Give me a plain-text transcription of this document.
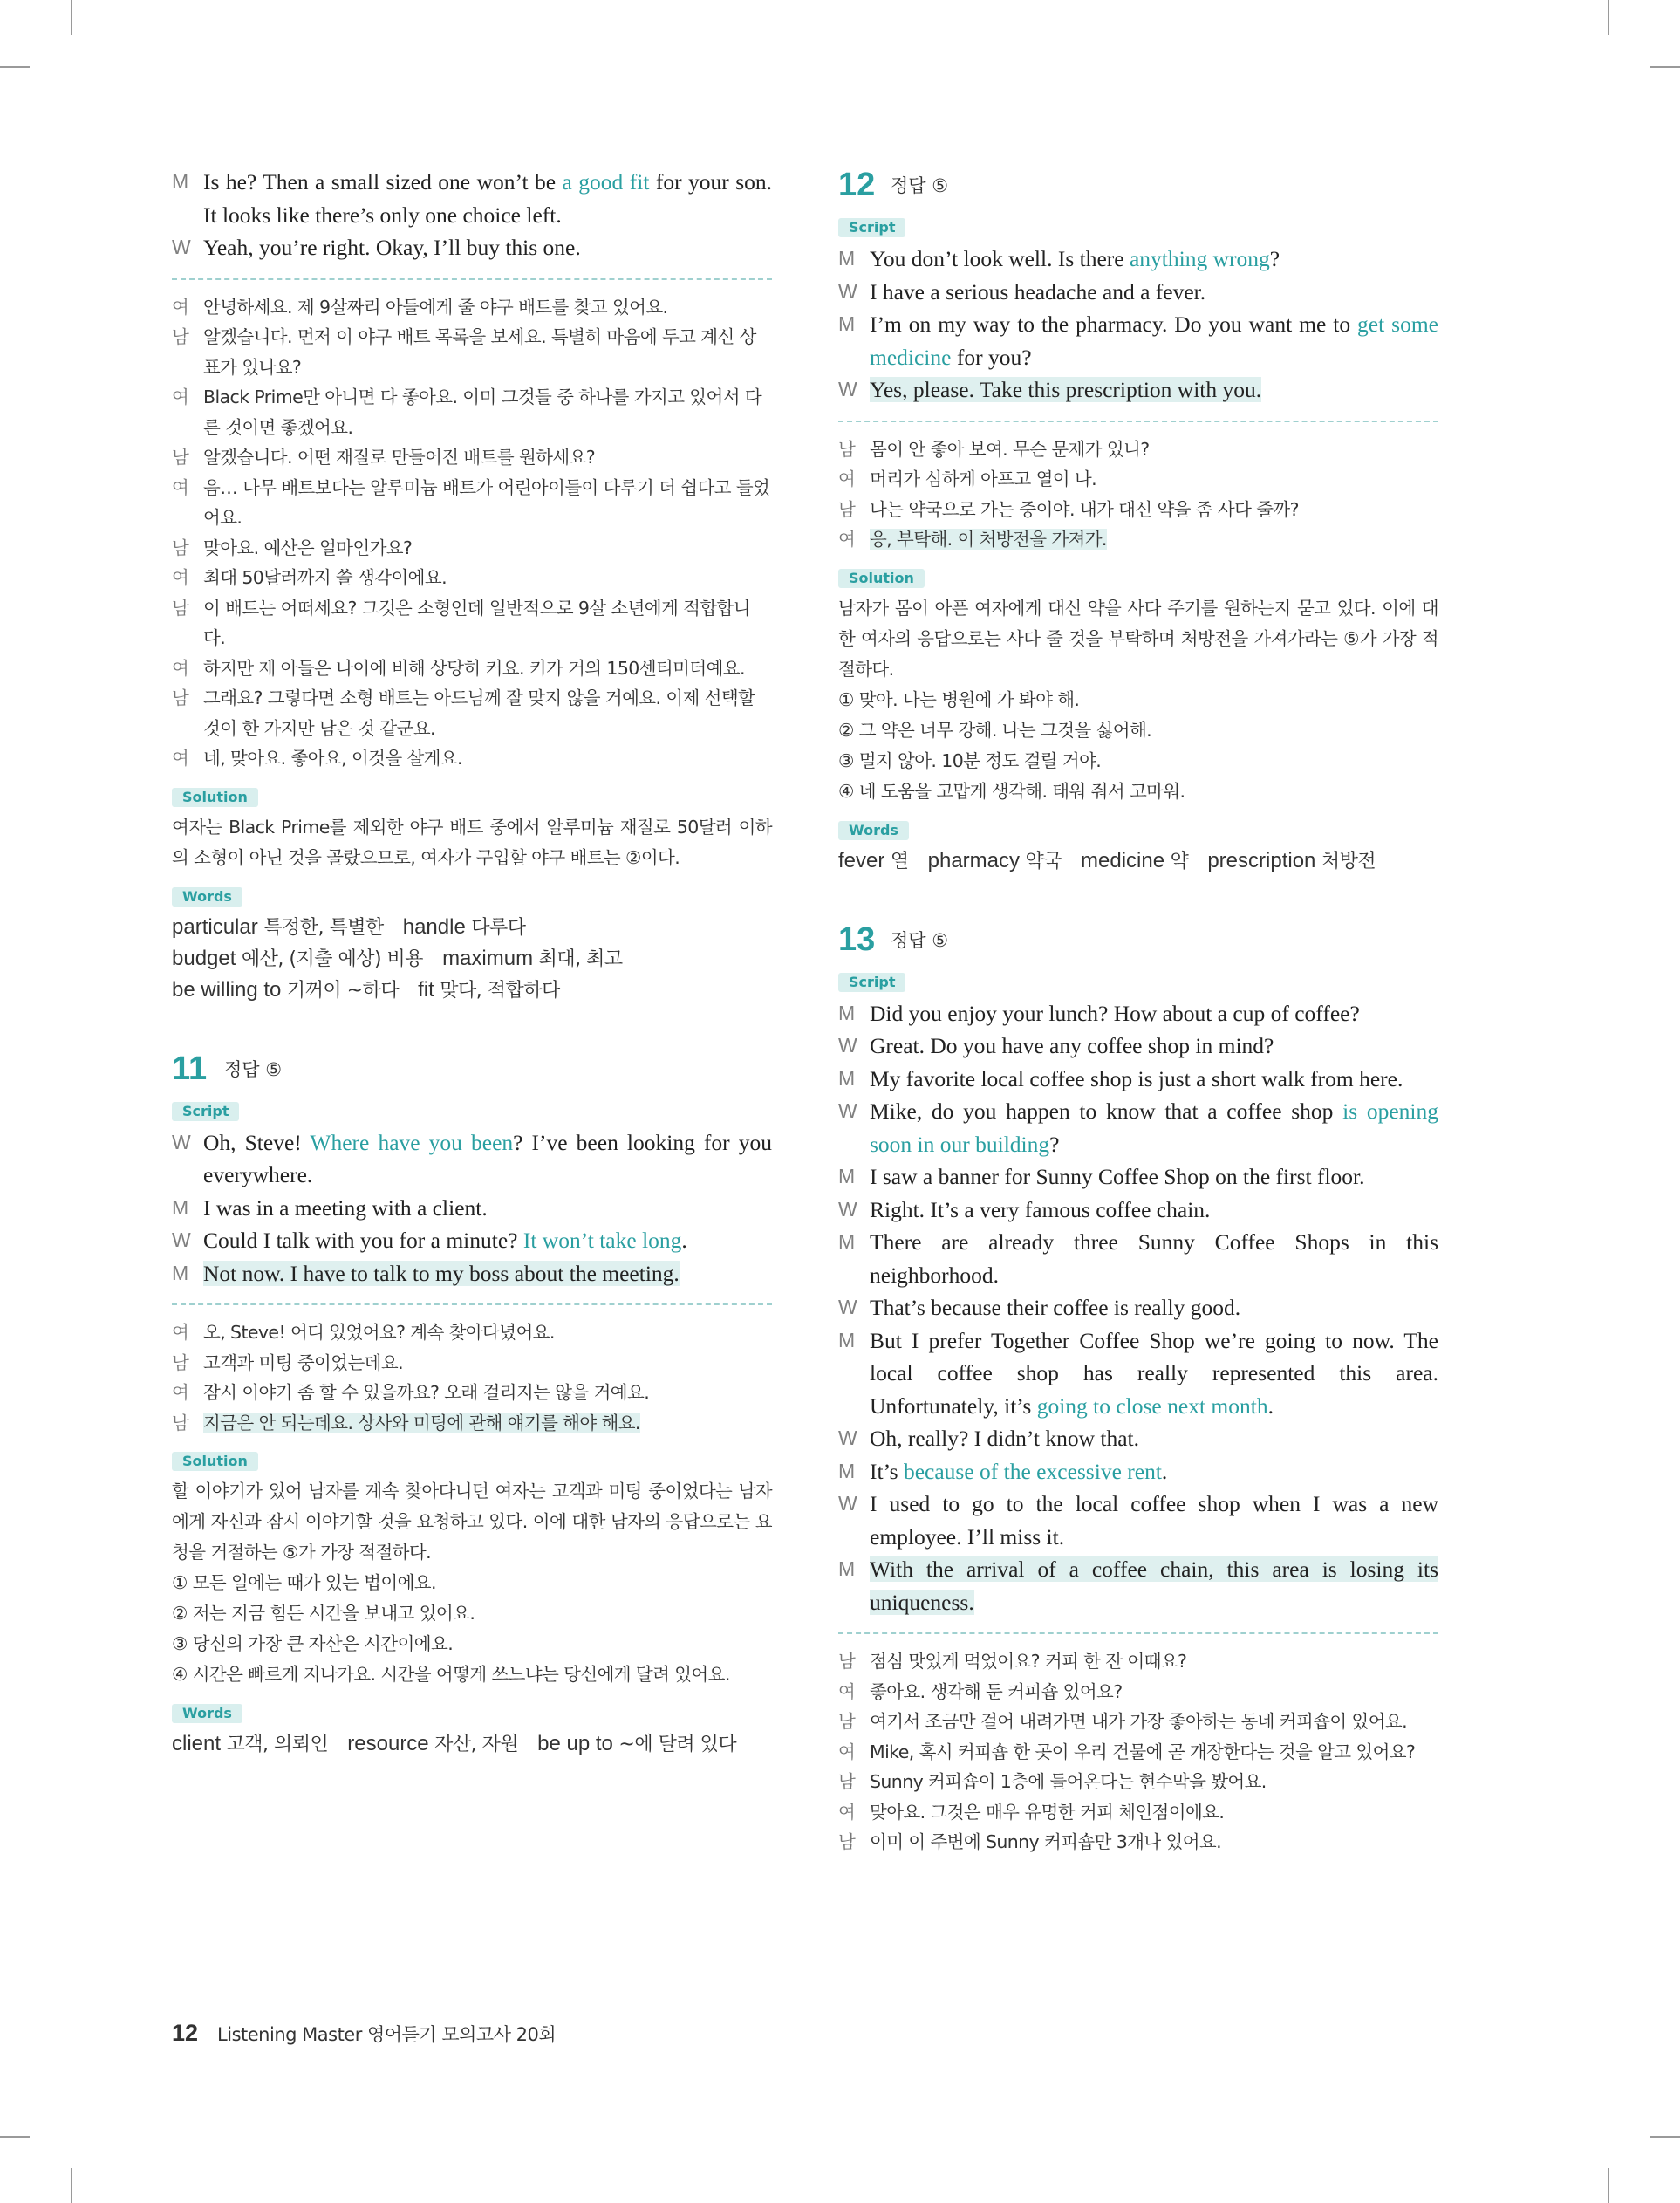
M Is he? Then a small sized one won’t be a good fit for your son. It looks like there’s only one choice left.
W Yeah, you’re right. Okay, I’ll buy this one.
여 안녕하세요. 제 9살짜리 아들에게 줄 야구 배트를 찾고 있어요.
남 알겠습니다. 먼저 이 야구 배트 목록을 보세요. 특별히 마음에 두고 계신 상표가 있나요?
여 Black Prime만 아니면 다 좋아요. 이미 그것들 중 하나를 가지고 있어서 다른 것이면 좋겠어요.
남 알겠습니다. 어떤 재질로 만들어진 배트를 원하세요?
여 음… 나무 배트보다는 알루미늄 배트가 어린아이들이 다루기 더 쉽다고 들었어요.
남 맞아요. 예산은 얼마인가요?
여 최대 50달러까지 쓸 생각이에요.
남 이 배트는 어떠세요? 그것은 소형인데 일반적으로 9살 소년에게 적합합니다.
여 하지만 제 아들은 나이에 비해 상당히 커요. 키가 거의 150센티미터예요.
남 그래요? 그렇다면 소형 배트는 아드님께 잘 맞지 않을 거예요. 이제 선택할 것이 한 가지만 남은 것 같군요.
여 네, 맞아요. 좋아요, 이것을 살게요.
Solution
여자는 Black Prime를 제외한 야구 배트 중에서 알루미늄 재질로 50달러 이하의 소형이 아닌 것을 골랐으므로, 여자가 구입할 야구 배트는 ②이다.
Words
particular 특정한, 특별한 handle 다루다
budget 예산, (지출 예상) 비용 maximum 최대, 최고
be willing to 기꺼이 ~하다 fit 맞다, 적합하다
11 정답 ⑤
Script
W Oh, Steve! Where have you been? I’ve been looking for you everywhere.
M I was in a meeting with a client.
W Could I talk with you for a minute? It won’t take long.
M Not now. I have to talk to my boss about the meeting.
여 오, Steve! 어디 있었어요? 계속 찾아다녔어요.
남 고객과 미팅 중이었는데요.
여 잠시 이야기 좀 할 수 있을까요? 오래 걸리지는 않을 거예요.
남 지금은 안 되는데요. 상사와 미팅에 관해 얘기를 해야 해요.
Solution
할 이야기가 있어 남자를 계속 찾아다니던 여자는 고객과 미팅 중이었다는 남자에게 자신과 잠시 이야기할 것을 요청하고 있다. 이에 대한 남자의 응답으로는 요청을 거절하는 ⑤가 가장 적절하다.
① 모든 일에는 때가 있는 법이에요.
② 저는 지금 힘든 시간을 보내고 있어요.
③ 당신의 가장 큰 자산은 시간이에요.
④ 시간은 빠르게 지나가요. 시간을 어떻게 쓰느냐는 당신에게 달려 있어요.
Words
client 고객, 의뢰인 resource 자산, 자원 be up to ~에 달려 있다
12 정답 ⑤
Script
M You don’t look well. Is there anything wrong?
W I have a serious headache and a fever.
M I’m on my way to the pharmacy. Do you want me to get some medicine for you?
W Yes, please. Take this prescription with you.
남 몸이 안 좋아 보여. 무슨 문제가 있니?
여 머리가 심하게 아프고 열이 나.
남 나는 약국으로 가는 중이야. 내가 대신 약을 좀 사다 줄까?
여 응, 부탁해. 이 처방전을 가져가.
Solution
남자가 몸이 아픈 여자에게 대신 약을 사다 주기를 원하는지 묻고 있다. 이에 대한 여자의 응답으로는 사다 줄 것을 부탁하며 처방전을 가져가라는 ⑤가 가장 적절하다.
① 맞아. 나는 병원에 가 봐야 해.
② 그 약은 너무 강해. 나는 그것을 싫어해.
③ 멀지 않아. 10분 정도 걸릴 거야.
④ 네 도움을 고맙게 생각해. 태워 줘서 고마워.
Words
fever 열 pharmacy 약국 medicine 약 prescription 처방전
13 정답 ⑤
Script
M Did you enjoy your lunch? How about a cup of coffee?
W Great. Do you have any coffee shop in mind?
M My favorite local coffee shop is just a short walk from here.
W Mike, do you happen to know that a coffee shop is opening soon in our building?
M I saw a banner for Sunny Coffee Shop on the first floor.
W Right. It’s a very famous coffee chain.
M There are already three Sunny Coffee Shops in this neighborhood.
W That’s because their coffee is really good.
M But I prefer Together Coffee Shop we’re going to now. The local coffee shop has really represented this area. Unfortunately, it’s going to close next month.
W Oh, really? I didn’t know that.
M It’s because of the excessive rent.
W I used to go to the local coffee shop when I was a new employee. I’ll miss it.
M With the arrival of a coffee chain, this area is losing its uniqueness.
남 점심 맛있게 먹었어요? 커피 한 잔 어때요?
여 좋아요. 생각해 둔 커피숍 있어요?
남 여기서 조금만 걸어 내려가면 내가 가장 좋아하는 동네 커피숍이 있어요.
여 Mike, 혹시 커피숍 한 곳이 우리 건물에 곧 개장한다는 것을 알고 있어요?
남 Sunny 커피숍이 1층에 들어온다는 현수막을 봤어요.
여 맞아요. 그것은 매우 유명한 커피 체인점이에요.
남 이미 이 주변에 Sunny 커피숍만 3개나 있어요.
12 Listening Master 영어듣기 모의고사 20회
